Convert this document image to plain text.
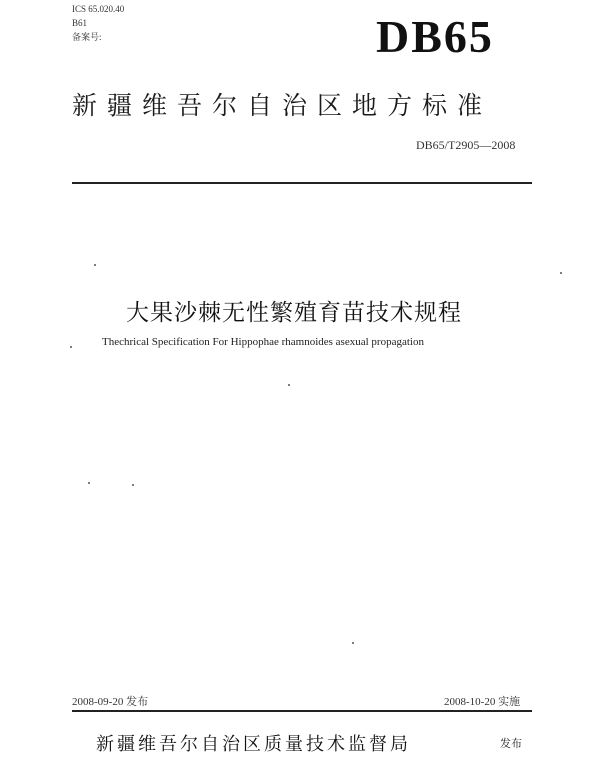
ICS 65.020.40
B61
备案号:	DB65
新疆维吾尔自治区地方标准
DB65/T2905—2008
大果沙棘无性繁殖育苗技术规程
Thechrical Specification For Hippophae rhamnoides asexual propagation
2008-09-20 发布	2008-10-20 实施
新疆维吾尔自治区质量技术监督局	发布
